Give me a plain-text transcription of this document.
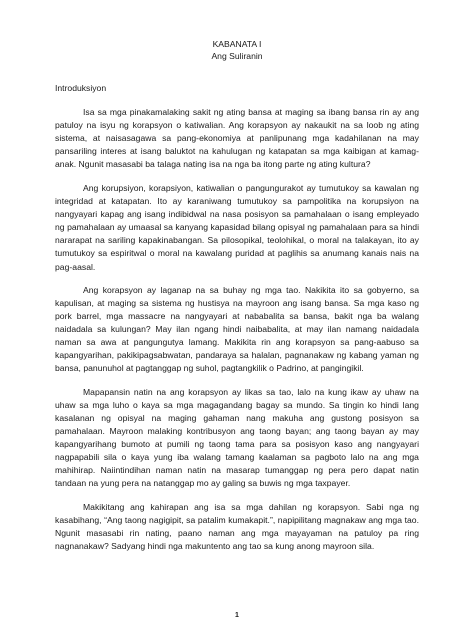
KABANATA I

Ang Suliranin

Introduksiyon

Isa sa mga pinakamalaking sakit ng ating bansa at maging sa ibang bansa rin ay ang patuloy na isyu ng korapsyon o katiwalian. Ang korapsyon ay nakaukit na sa loob ng ating sistema, at naisasagawa sa pang-ekonomiya at panlipunang mga kadahilanan na may pansariling interes at isang baluktot na kahulugan ng katapatan sa mga kaibigan at kamag-anak. Ngunit masasabi ba talaga nating isa na nga ba itong parte ng ating kultura?

Ang korupsiyon, korapsiyon, katiwalian o pangungurakot ay tumutukoy sa kawalan ng integridad at katapatan. Ito ay karaniwang tumutukoy sa pampolitika na korupsiyon na nangyayari kapag ang isang indibidwal na nasa posisyon sa pamahalaan o isang empleyado ng pamahalaan ay umaasal sa kanyang kapasidad bilang opisyal ng pamahalaan para sa hindi nararapat na sariling kapakinabangan. Sa pilosopikal, teolohikal, o moral na talakayan, ito ay tumutukoy sa espiritwal o moral na kawalang puridad at paglihis sa anumang kanais nais na pag-aasal.

Ang korapsyon ay laganap na sa buhay ng mga tao. Nakikita ito sa gobyerno, sa kapulisan, at maging sa sistema ng hustisya na mayroon ang isang bansa. Sa mga kaso ng pork barrel, mga massacre na nangyayari at nababalita sa bansa, bakit nga ba walang naidadala sa kulungan? May ilan ngang hindi naibabalita, at may ilan namang naidadala naman sa awa at pangungutya lamang. Makikita rin ang korapsyon sa pang-aabuso sa kapangyarihan, pakikipagsabwatan, pandaraya sa halalan, pagnanakaw ng kabang yaman ng bansa, panunuhol at pagtanggap ng suhol, pagtangkilik o Padrino, at pangingikil.

Mapapansin natin na ang korapsyon ay likas sa tao, lalo na kung ikaw ay uhaw na uhaw sa mga luho o kaya sa mga magagandang bagay sa mundo. Sa tingin ko hindi lang kasalanan ng opisyal na maging gahaman nang makuha ang gustong posisyon sa pamahalaan. Mayroon malaking kontribusyon ang taong bayan; ang taong bayan ay may kapangyarihang bumoto at pumili ng taong tama para sa posisyon kaso ang nangyayari nagpapabili sila o kaya yung iba walang tamang kaalaman sa pagboto lalo na ang mga mahihirap. Naiintindihan naman natin na masarap tumanggap ng pera pero dapat natin tandaan na yung pera na natanggap mo ay galing sa buwis ng mga taxpayer.

Makikitang ang kahirapan ang isa sa mga dahilan ng korapsyon. Sabi nga ng kasabihang, “Ang taong nagigipit, sa patalim kumakapit.”, napipilitang magnakaw ang mga tao. Ngunit masasabi rin nating, paano naman ang mga mayayaman na patuloy pa ring nagnanakaw? Sadyang hindi nga makuntento ang tao sa kung anong mayroon sila.

1
